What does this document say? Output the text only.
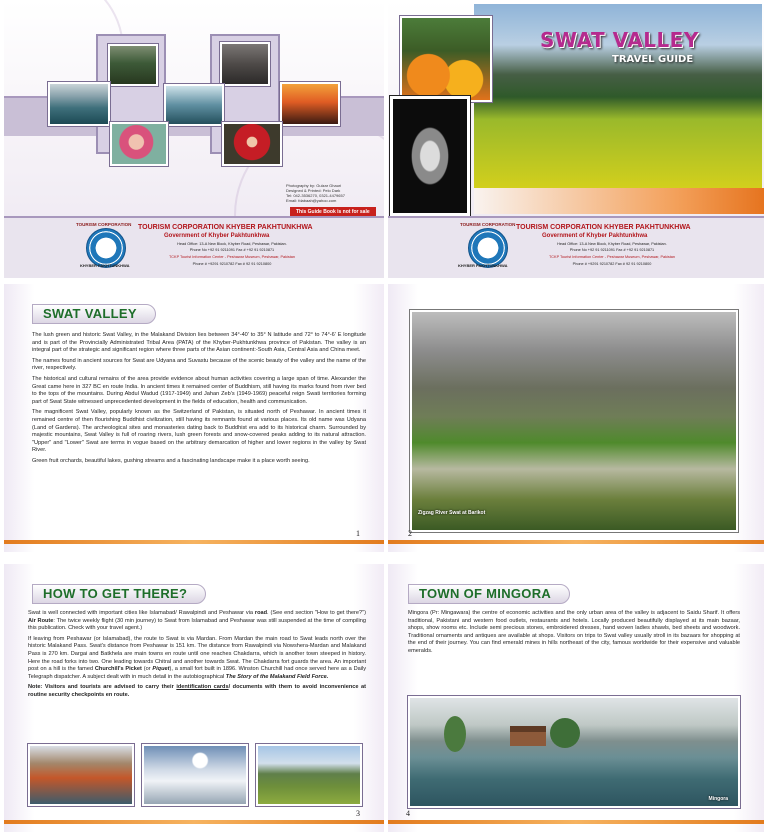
Photography by: Gulzar Ghauri
Designed & Printed: Pelo Dark
Tel: 042-3536270, 0321-4479657
Email: fdabaah@yahoo.com
This Guide Book is not for sale
TOURISM CORPORATION
KHYBER PAKHTUNKHWA
TOURISM CORPORATION KHYBER PAKHTUNKHWA
Government of Khyber Pakhtunkhwa
Head Office: 13-A New Block, Khyber Road, Peshawar, Pakistan.
Phone No +92 91 9211091 Fax # +92 91 9210871
TCKP Tourist Information Center - Peshawar Museum, Peshawar, Pakistan
Phone # +9291 9210782 Fax # 92 91 9210800
SWAT VALLEY
TRAVEL GUIDE
TOURISM CORPORATION
KHYBER PAKHTUNKHWA
TOURISM CORPORATION KHYBER PAKHTUNKHWA
Government of Khyber Pakhtunkhwa
Head Office: 13-A New Block, Khyber Road, Peshawar, Pakistan.
Phone No +92 91 9211091 Fax # +92 91 9210871
TCKP Tourist Information Center - Peshawar Museum, Peshawar, Pakistan
Phone # +9291 9210782 Fax # 92 91 9210800
SWAT VALLEY

The lush green and historic Swat Valley, in the Malakand Division lies between 34°-40' to 35° N latitude and 72° to 74°-6' E longitude and is part of the Provincially Administrated Tribal Area (PATA) of the Khyber-Pukhtunkhwa province of Pakistan. The valley is an integral part of the strategic and significant region where three parts of the Asian continent:-South Asia, Central Asia and China meet.

The names found in ancient sources for Swat are Udyana and Suvastu because of the scenic beauty of the valley and the name of the river, respectively.

The historical and cultural remains of the area provide evidence about human activities covering a large span of time. Alexander the Great came here in 327 BC en route India. In ancient times it remained center of Buddhism, still having its marks found from river bed to the tops of the mountains. During Abdul Wadud (1917-1949) and Jahan Zeb's (1949-1969) peaceful reign Swati territories forming part of Swat State witnessed unprecedented development in the fields of education, health and communication.

The magnificent Swat Valley, popularly known as the Switzerland of Pakistan, is situated north of Peshawar. In ancient times it remained centre of then flourishing Buddhist civilization, still having its remnants found at various places. Its old name was Udyana (Land of Gardens). The archeological sites and monasteries dating back to Buddhist era add to its historical charm. Surrounded by majestic mountains, Swat Valley is full of roaring rivers, lush green forests and snow-covered peaks adding to its natural attraction. "Upper" and "Lower" Swat are terms in vogue based on the arbitrary demarcation of higher and lower regions in the valley by Swat River.

Green fruit orchards, beautiful lakes, gushing streams and a fascinating landscape make it a place worth seeing.

1
Zigzag River Swat at Barikot
2
HOW TO GET THERE?

Swat is well connected with important cities like Islamabad/ Rawalpindi and Peshawar via road. (See end section "How to get there?") Air Route: The twice weekly flight (30 min journey) to Swat from Islamabad and Peshawar was still suspended at the time of compiling this publication. Check with your travel agent.)

If leaving from Peshawar (or Islamabad), the route to Swat is via Mardan. From Mardan the main road to Swat leads north over the historic Malakand Pass. Swat's distance from Peshawar is 151 km. The distance from Rawalpindi via Nowshera-Mardan and Malakand Pass is 270 km. Dargai and Batkhela are main towns en route until one reaches Chakdarra, which is another town steeped in history. Here the road forks into two. One leading towards Chitral and another towards Swat. The Chakdarra fort guards the area. An important post on a hill is the famed Churchill's Picket (or Piquet), a small fort built in 1896. Winston Churchill had once served here as a Daily Telegraph dispatcher. A subject dealt with in much detail in the autobiographical The Story of the Malakand Field Force.

Note: Visitors and tourists are advised to carry their identification cards/ documents with them to avoid inconvenience at routine security checkpoints en route.

3
TOWN OF MINGORA
Mingora (Pr: Mingawara) the centre of economic activities and the only urban area of the valley is adjacent to Saidu Sharif. It offers traditional, Pakistani and western food outlets, restaurants and hotels. Locally produced beautifully displayed at its main bazaar, shops, show rooms etc. Include semi precious stones, embroidered dresses, hand woven ladies shawls, bed sheets and woodwork. Traditional ornaments and antiques are available at shops. Visitors on trips to Swat valley usually stroll in its bazaars for shopping at the end of their journey. You can find emerald mines in hills northeast of the city, famous worldwide for their expensive and valuable emeralds.
Mingora
4
